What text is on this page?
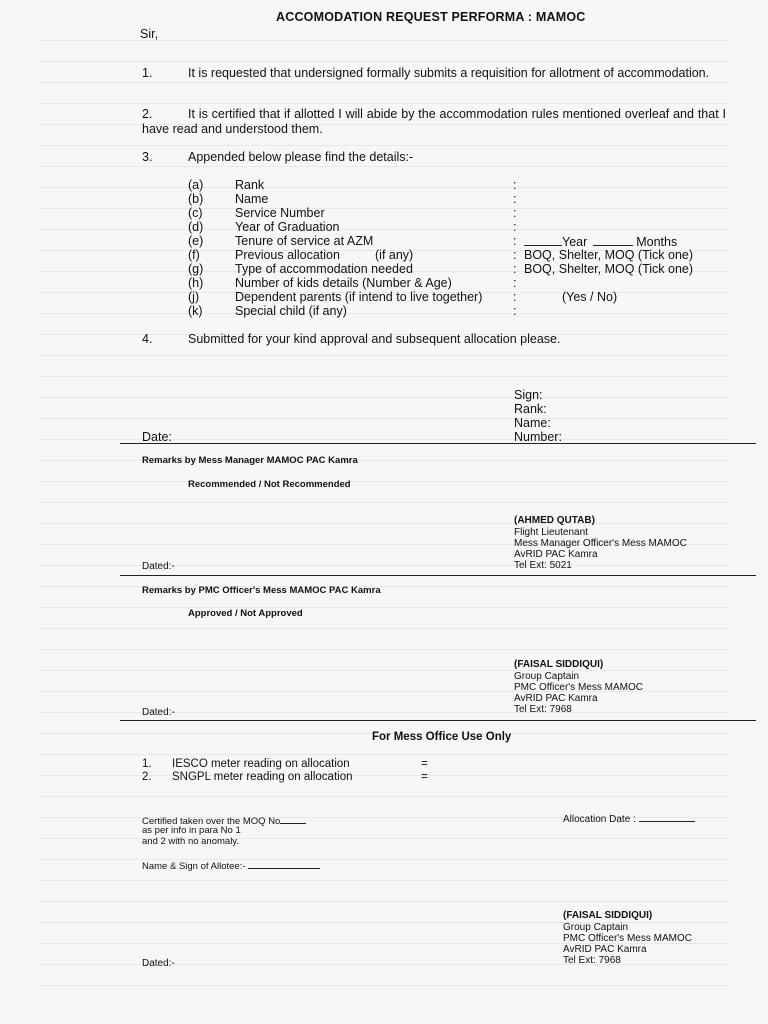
ACCOMODATION REQUEST PERFORMA : MAMOC
Sir,
1.	It is requested that undersigned formally submits a requisition for allotment of accommodation.
2.	It is certified that if allotted I will abide by the accommodation rules mentioned overleaf and that I have read and understood them.
3.	Appended below please find the details:-
(a)	Rank	:
(b)	Name	:
(c)	Service Number	:
(d)	Year of Graduation	:
(e)	Tenure of service at AZM	:	Year	Months
(f)	Previous allocation	(if any)	: BOQ, Shelter, MOQ (Tick one)
(g)	Type of accommodation needed	: BOQ, Shelter, MOQ (Tick one)
(h)	Number of kids details (Number & Age)	:
(j)	Dependent parents (if intend to live together) :	(Yes / No)
(k)	Special child (if any)	:
4.	Submitted for your kind approval and subsequent allocation please.
Sign:
Rank:
Name:
Number:
Date:
Remarks by Mess Manager MAMOC PAC Kamra
Recommended / Not Recommended
(AHMED QUTAB)
Flight Lieutenant
Mess Manager Officer's Mess MAMOC
AvRID PAC Kamra
Tel Ext: 5021
Dated:-
Remarks by PMC Officer's Mess MAMOC PAC Kamra
Approved / Not Approved
(FAISAL SIDDIQUI)
Group Captain
PMC Officer's Mess MAMOC
AvRID PAC Kamra
Tel Ext: 7968
Dated:-
For Mess Office Use Only
1. IESCO meter reading on allocation	=
2. SNGPL meter reading on allocation	=
Certified taken over the MOQ No
as per info in para No 1
and 2 with no anomaly.
Allocation Date :
Name & Sign of Allotee:-
(FAISAL SIDDIQUI)
Group Captain
PMC Officer's Mess MAMOC
AvRID PAC Kamra
Tel Ext: 7968
Dated:-
